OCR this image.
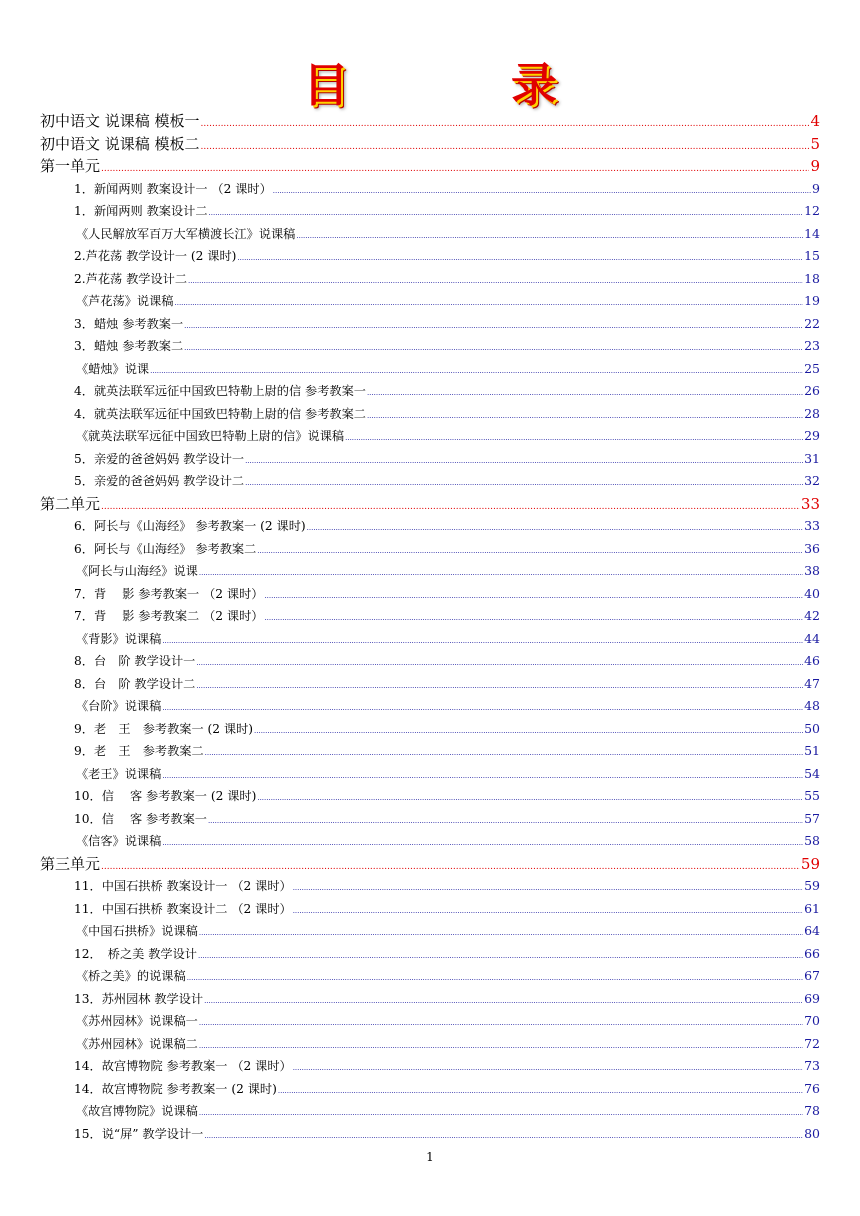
目　录
初中语文 说课稿 模板一 .....	4
初中语文 说课稿 模板二 .....	5
第一单元 .....	9
1．新闻两则 教案设计一 （2 课时） .....	9
1．新闻两则 教案设计二 .....	12
《人民解放军百万大军横渡长江》说课稿 .....	14
2.芦花荡 教学设计一 (2 课时) .....	15
2.芦花荡 教学设计二 .....	18
《芦花荡》说课稿 .....	19
3．蜡烛 参考教案一 .....	22
3．蜡烛 参考教案二 .....	23
《蜡烛》说课 .....	25
4．就英法联军远征中国致巴特勒上尉的信 参考教案一 .....	26
4．就英法联军远征中国致巴特勒上尉的信 参考教案二 .....	28
《就英法联军远征中国致巴特勒上尉的信》说课稿 .....	29
5．亲爱的爸爸妈妈 教学设计一 .....	31
5．亲爱的爸爸妈妈 教学设计二 .....	32
第二单元 .....	33
6．阿长与《山海经》 参考教案一 (2 课时) .....	33
6．阿长与《山海经》 参考教案二 .....	36
《阿长与山海经》说课 .....	38
7．背　 影 参考教案一 （2 课时） .....	40
7．背　 影 参考教案二 （2 课时） .....	42
《背影》说课稿 .....	44
8．台　阶 教学设计一 .....	46
8．台　阶 教学设计二 .....	47
《台阶》说课稿 .....	48
9．老　王　参考教案一 (2 课时) .....	50
9．老　王　参考教案二 .....	51
《老王》说课稿 .....	54
10．信　 客 参考教案一 (2 课时) .....	55
10．信　 客 参考教案一 .....	57
《信客》说课稿 .....	58
第三单元 .....	59
11．中国石拱桥 教案设计一 （2 课时） .....	59
11．中国石拱桥 教案设计二 （2 课时） .....	61
《中国石拱桥》说课稿 .....	64
12．　桥之美 教学设计 .....	66
《桥之美》的说课稿 .....	67
13．苏州园林 教学设计 .....	69
《苏州园林》说课稿一 .....	70
《苏州园林》说课稿二 .....	72
14．故宫博物院 参考教案一 （2 课时） .....	73
14．故宫博物院 参考教案一 (2 课时) .....	76
《故宫博物院》说课稿 .....	78
15．说“屏” 教学设计一 .....	80
1
